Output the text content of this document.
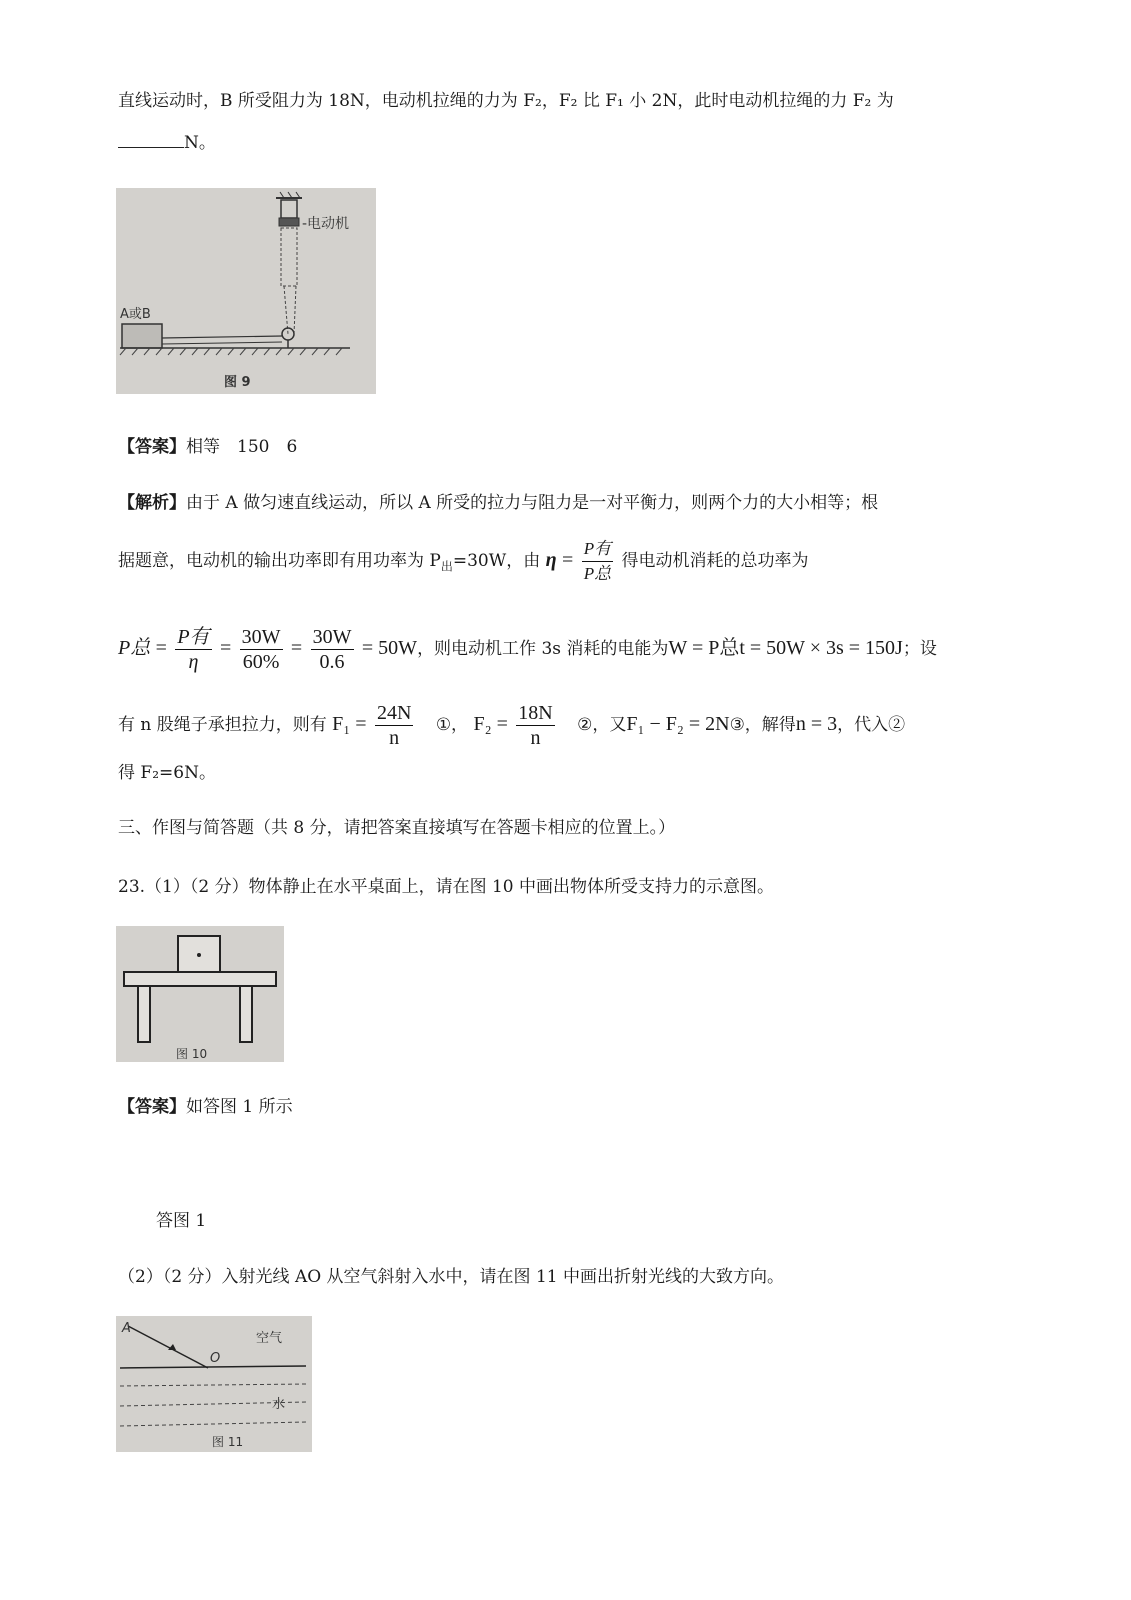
直线运动时，B 所受阻力为 18N，电动机拉绳的力为 F₂，F₂ 比 F₁ 小 2N，此时电动机拉绳的力 F₂ 为
N。
-电动机
A或B
图 9
【答案】相等　150　6
【解析】由于 A 做匀速直线运动，所以 A 所受的拉力与阻力是一对平衡力，则两个力的大小相等；根
据题意，电动机的输出功率即有用功率为 $P_出=30W$，由 $\eta = \frac{\text{P有}}{\text{P总}}$ 得电动机消耗的总功率为
P总 = $\frac{\text{P有}}{\eta} = \frac{30W}{60\%} = \frac{30W}{0.6} = 50W$，则电动机工作 3s 消耗的电能为W = P总t = 50W × 3s = 150J；设
有 n 股绳子承担拉力，则有 $F_1 = \frac{24N}{n}$ ①， $F_2 = \frac{18N}{n}$ ②，又F₁ − F₂ = 2N③，解得n = 3，代入②
得 F₂=6N。
三、作图与简答题（共 8 分，请把答案直接填写在答题卡相应的位置上。）
23.（1）（2 分）物体静止在水平桌面上，请在图 10 中画出物体所受支持力的示意图。
图 10
【答案】如答图 1 所示
答图 1
（2）（2 分）入射光线 AO 从空气斜射入水中，请在图 11 中画出折射光线的大致方向。
A
O
空气
水
图 11
